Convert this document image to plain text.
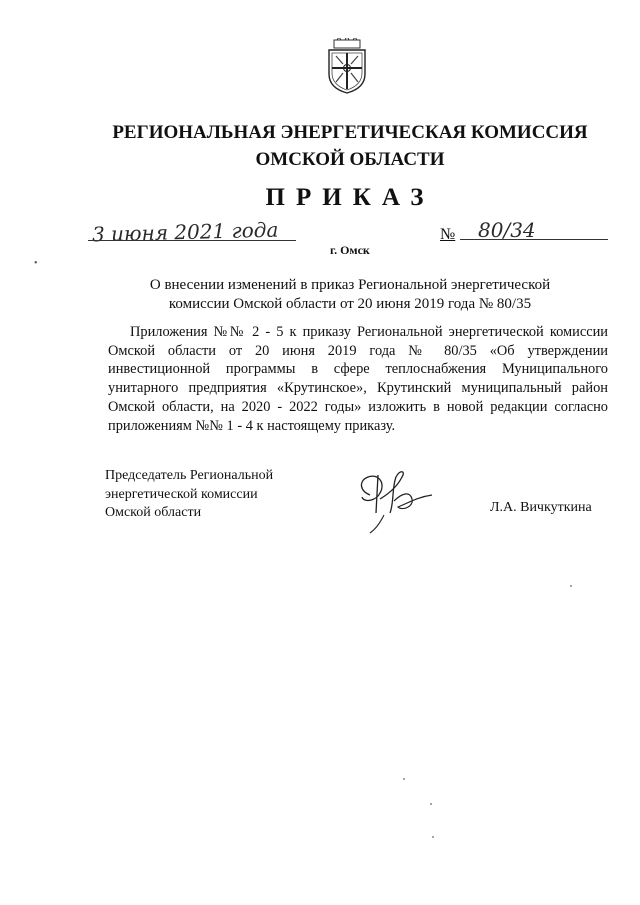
РЕГИОНАЛЬНАЯ ЭНЕРГЕТИЧЕСКАЯ КОМИССИЯ
ОМСКОЙ ОБЛАСТИ
ПРИКАЗ
3 июня 2021 года
г. Омск
№ 80/34
•
О внесении изменений в приказ Региональной энергетической комиссии Омской области от 20 июня 2019 года № 80/35
Приложения №№ 2 - 5 к приказу Региональной энергетической комиссии Омской области от 20 июня 2019 года № 80/35 «Об утверждении инвестиционной программы в сфере теплоснабжения Муниципального унитарного предприятия «Крутинское», Крутинский муниципальный район Омской области, на 2020 - 2022 годы» изложить в новой редакции согласно приложениям №№ 1 - 4 к настоящему приказу.
Председатель Региональной
энергетической комиссии
Омской области	Л.А. Вичкуткина
